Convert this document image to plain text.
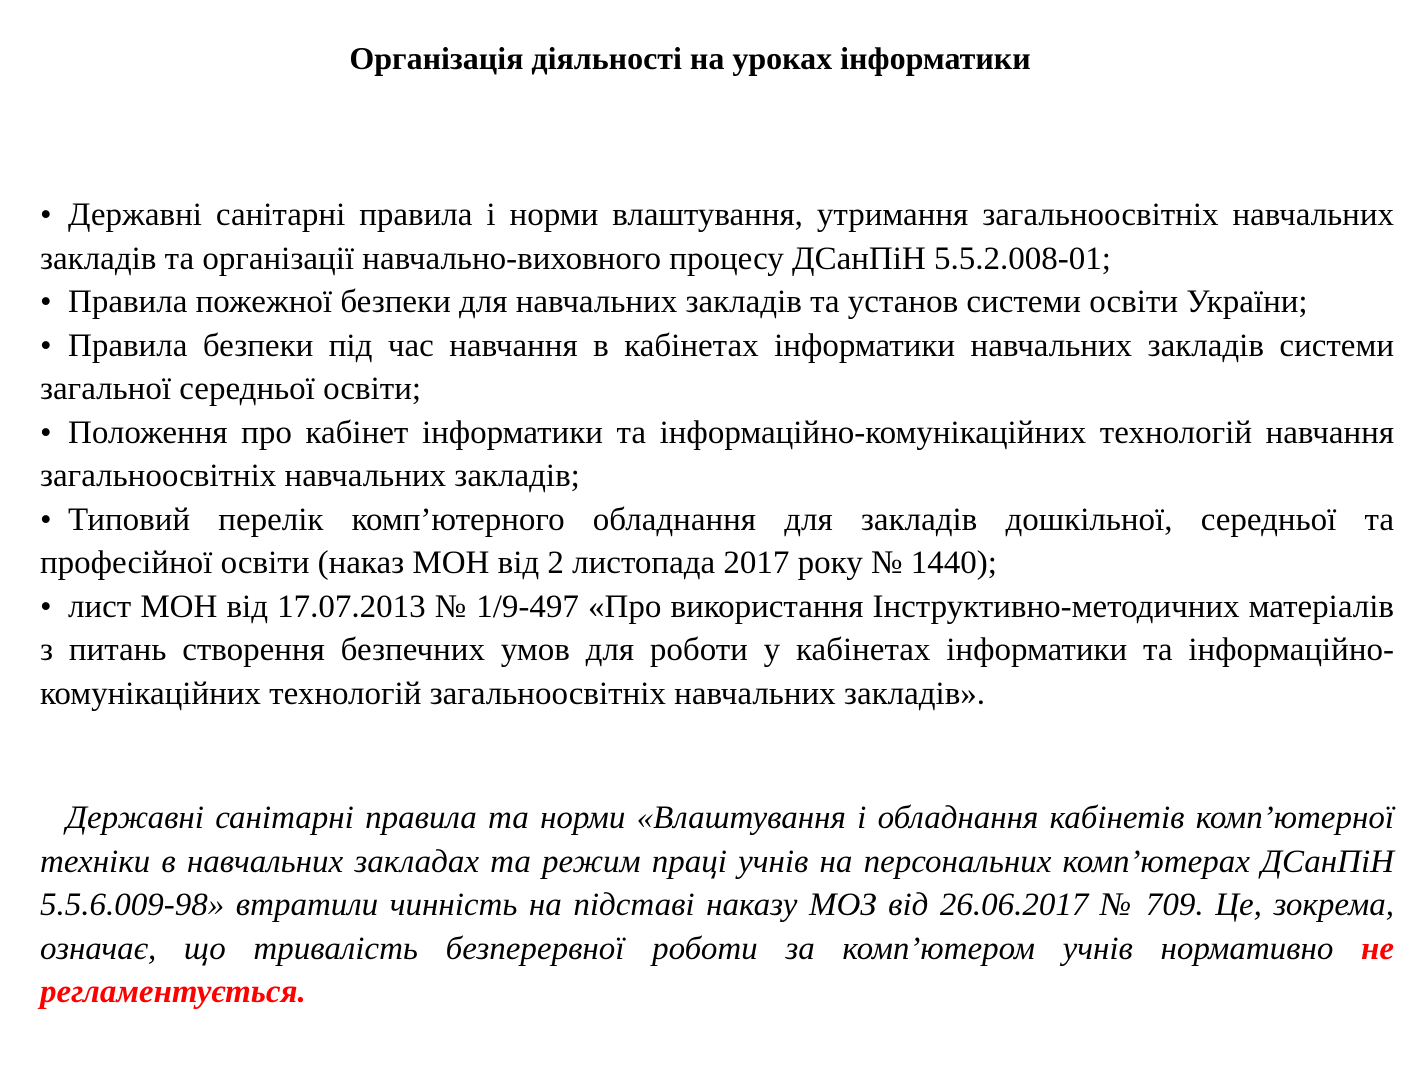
Організація діяльності на уроках інформатики
• Державні санітарні правила і норми влаштування, утримання загальноосвітніх навчальних закладів та організації навчально-виховного процесу ДСанПіН 5.5.2.008-01;
• Правила пожежної безпеки для навчальних закладів та установ системи освіти України;
• Правила безпеки під час навчання в кабінетах інформатики навчальних закладів системи загальної середньої освіти;
• Положення про кабінет інформатики та інформаційно-комунікаційних технологій навчання загальноосвітніх навчальних закладів;
• Типовий перелік комп’ютерного обладнання для закладів дошкільної, середньої та професійної освіти (наказ МОН від 2 листопада 2017 року № 1440);
• лист МОН від 17.07.2013 № 1/9-497 «Про використання Інструктивно-методичних матеріалів з питань створення безпечних умов для роботи у кабінетах інформатики та інформаційно-комунікаційних технологій загальноосвітніх навчальних закладів».

Державні санітарні правила та норми «Влаштування і обладнання кабінетів комп’ютерної техніки в навчальних закладах та режим праці учнів на персональних комп’ютерах ДСанПіН 5.5.6.009-98» втратили чинність на підставі наказу МОЗ від 26.06.2017 № 709. Це, зокрема, означає, що тривалість безперервної роботи за комп’ютером учнів нормативно не регламентується.
